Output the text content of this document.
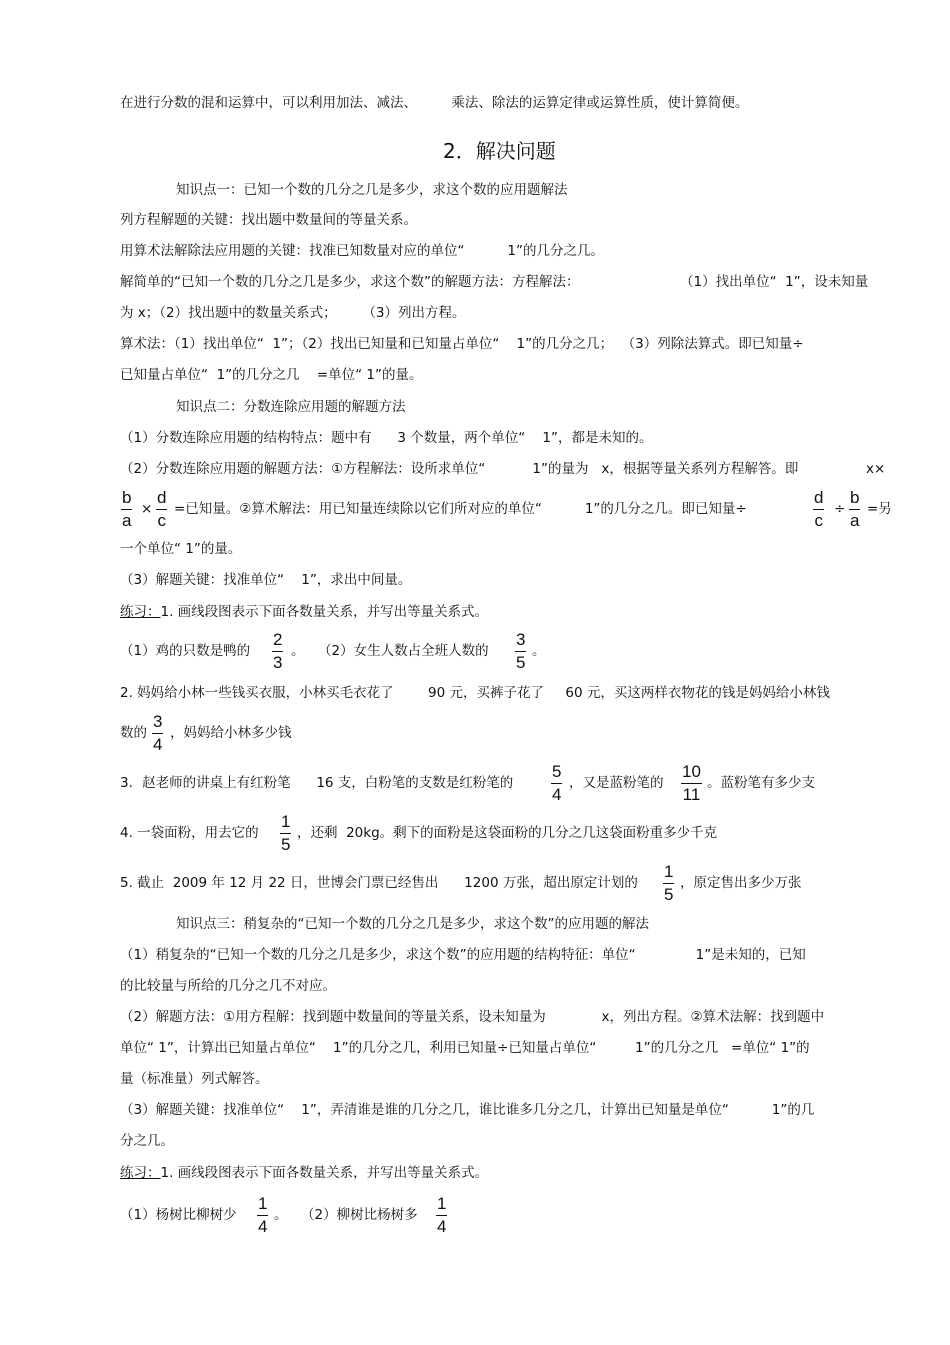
在进行分数的混和运算中，可以利用加法、减法、        乘法、除法的运算定律或运算性质，使计算简便。
2．解决问题
知识点一：已知一个数的几分之几是多少，求这个数的应用题解法
列方程解题的关键：找出题中数量间的等量关系。
用算术法解除法应用题的关键：找准已知数量对应的单位“          1”的几分之几。
解简单的“已知一个数的几分之几是多少，求这个数”的解题方法：方程解法：	（1）找出单位“  1”，设未知量
为 x；（2）找出题中的数量关系式；      （3）列出方程。
算术法：（1）找出单位“  1”；（2）找出已知量和已知量占单位“    1”的几分之几；  （3）列除法算式。即已知量÷
已知量占单位“  1”的几分之几    =单位“ 1”的量。
知识点二：分数连除应用题的解题方法
（1）分数连除应用题的结构特点：题中有      3 个数量，两个单位“    1”，都是未知的。
（2）分数连除应用题的解题方法：①方程解法：设所求单位“           1”的量为   x，根据等量关系列方程解答。即	x×
b
a
×
d
c
=已知量。②算术解法：用已知量连续除以它们所对应的单位“          1”的几分之几。即已知量÷
d
c
÷
b
a
=另
一个单位“ 1”的量。
（3）解题关键：找准单位“    1”，求出中间量。
练习：1. 画线段图表示下面各数量关系，并写出等量关系式。
（1）鸡的只数是鸭的
2
3
。 （2）女生人数占全班人数的
3
5
。
2. 妈妈给小林一些钱买衣服，小林买毛衣花了        90 元，买裤子花了     60 元，买这两样衣物花的钱是妈妈给小林钱
数的
3
4
，妈妈给小林多少钱
3．赵老师的讲桌上有红粉笔      16 支，白粉笔的支数是红粉笔的
5
4
，又是蓝粉笔的
10
11
。蓝粉笔有多少支
4. 一袋面粉，用去它的
1
5
，还剩  20kg。剩下的面粉是这袋面粉的几分之几这袋面粉重多少千克
5. 截止  2009 年 12 月 22 日，世博会门票已经售出      1200 万张，超出原定计划的
1
5
，原定售出多少万张
知识点三：稍复杂的“已知一个数的几分之几是多少，求这个数”的应用题的解法
（1）稍复杂的“已知一个数的几分之几是多少，求这个数”的应用题的结构特征：单位“              1”是未知的，已知
的比较量与所给的几分之几不对应。
（2）解题方法：①用方程解：找到题中数量间的等量关系，设未知量为             x，列出方程。②算术法解：找到题中
单位“ 1”，计算出已知量占单位“    1”的几分之几，利用已知量÷已知量占单位“         1”的几分之几   =单位“ 1”的
量（标准量）列式解答。
（3）解题关键：找准单位“    1”，弄清谁是谁的几分之几，谁比谁多几分之几，计算出已知量是单位“          1”的几
分之几。
练习：1. 画线段图表示下面各数量关系，并写出等量关系式。
（1）杨树比柳树少
1
4
。 （2）柳树比杨树多
1
4
